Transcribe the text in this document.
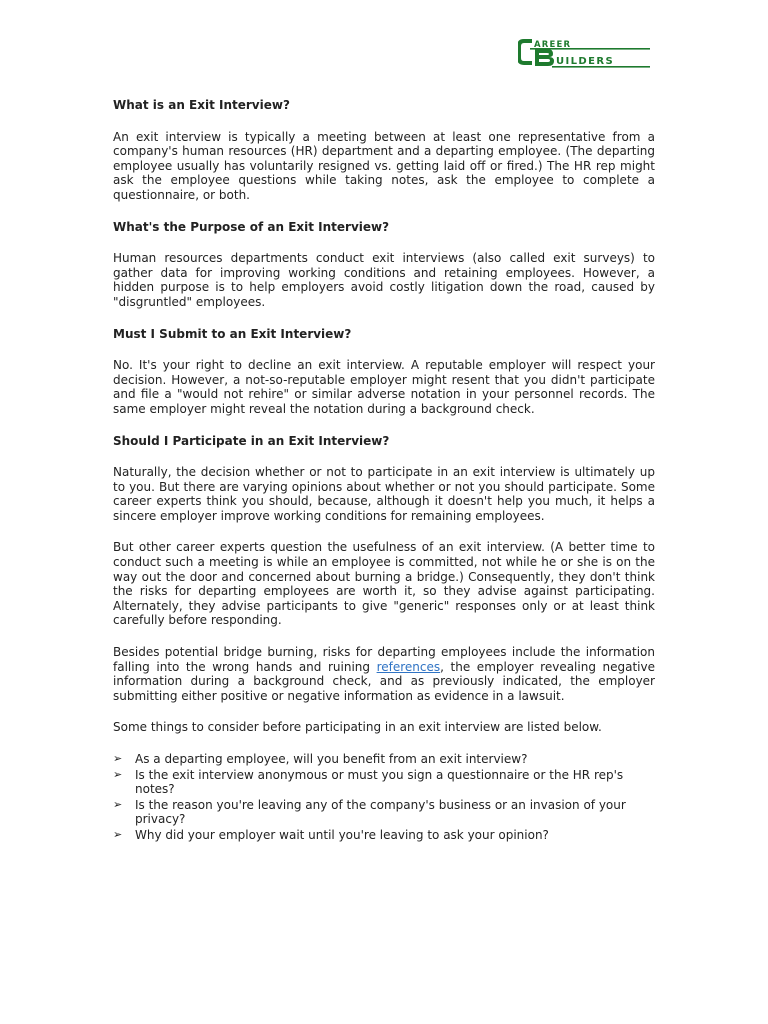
AREER
UILDERS
What is an Exit Interview?

An exit interview is typically a meeting between at least one representative from a company's human resources (HR) department and a departing employee. (The departing employee usually has voluntarily resigned vs. getting laid off or fired.) The HR rep might ask the employee questions while taking notes, ask the employee to complete a questionnaire, or both.

What's the Purpose of an Exit Interview?

Human resources departments conduct exit interviews (also called exit surveys) to gather data for improving working conditions and retaining employees. However, a hidden purpose is to help employers avoid costly litigation down the road, caused by "disgruntled" employees.

Must I Submit to an Exit Interview?

No. It's your right to decline an exit interview. A reputable employer will respect your decision. However, a not-so-reputable employer might resent that you didn't participate and file a "would not rehire" or similar adverse notation in your personnel records. The same employer might reveal the notation during a background check.

Should I Participate in an Exit Interview?

Naturally, the decision whether or not to participate in an exit interview is ultimately up to you. But there are varying opinions about whether or not you should participate. Some career experts think you should, because, although it doesn't help you much, it helps a sincere employer improve working conditions for remaining employees.

But other career experts question the usefulness of an exit interview. (A better time to conduct such a meeting is while an employee is committed, not while he or she is on the way out the door and concerned about burning a bridge.) Consequently, they don't think the risks for departing employees are worth it, so they advise against participating. Alternately, they advise participants to give "generic" responses only or at least think carefully before responding.

Besides potential bridge burning, risks for departing employees include the information falling into the wrong hands and ruining references, the employer revealing negative information during a background check, and as previously indicated, the employer submitting either positive or negative information as evidence in a lawsuit.

Some things to consider before participating in an exit interview are listed below.

➢ As a departing employee, will you benefit from an exit interview?
➢ Is the exit interview anonymous or must you sign a questionnaire or the HR rep's notes?
➢ Is the reason you're leaving any of the company's business or an invasion of your privacy?
➢ Why did your employer wait until you're leaving to ask your opinion?
